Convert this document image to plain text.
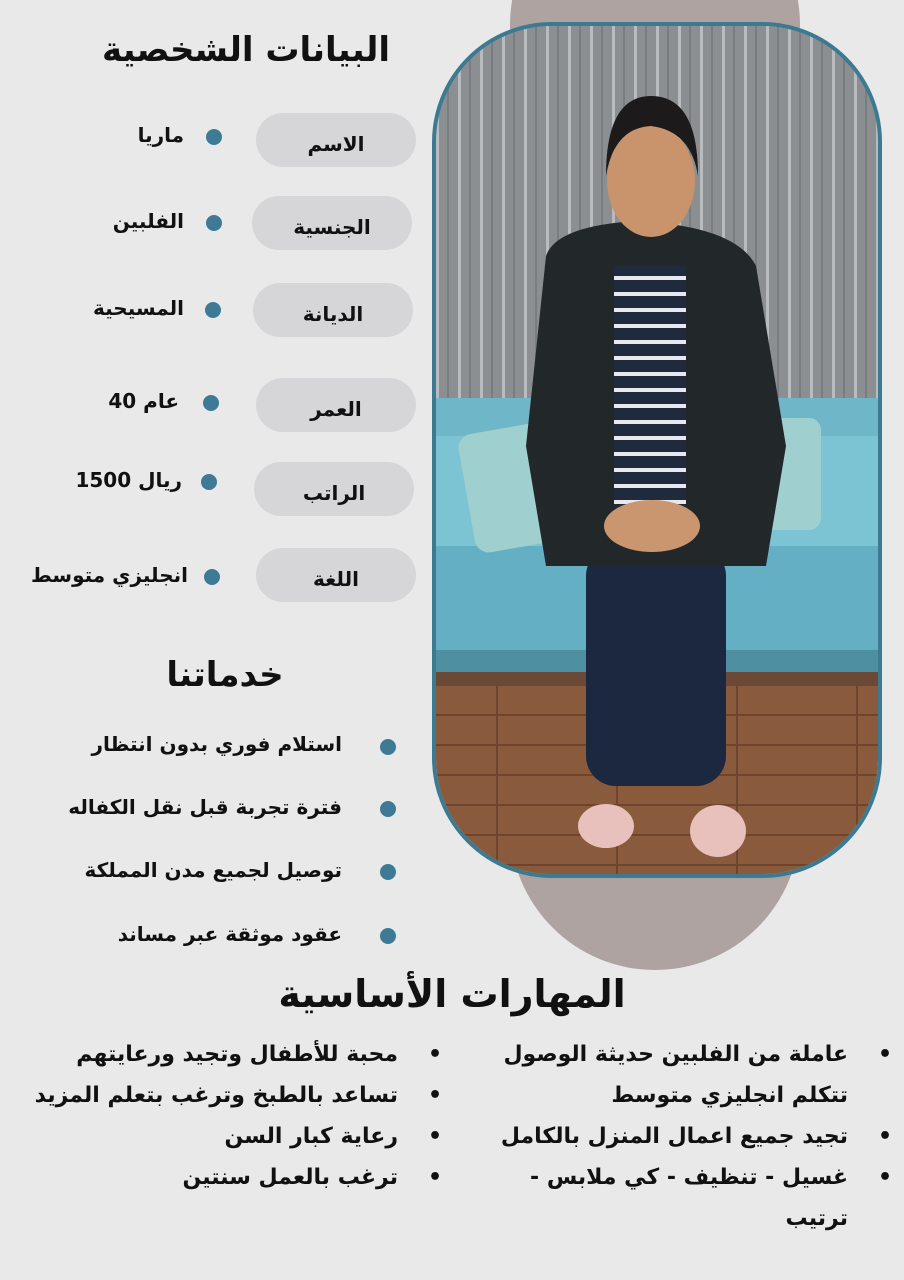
البيانات الشخصية
الاسم
ماريا
الجنسية
الفلبين
الديانة
المسيحية
العمر
40 عام
الراتب
1500 ريال
اللغة
انجليزي متوسط
خدماتنا
استلام فوري بدون انتظار
فترة تجربة قبل نقل الكفاله
توصيل لجميع مدن المملكة
عقود موثقة عبر مساند
المهارات الأساسية
•
عاملة من الفلبين حديثة الوصول تتكلم انجليزي متوسط
•
تجيد جميع اعمال المنزل بالكامل
•
غسيل - تنظيف - كي ملابس - ترتيب
•
محبة للأطفال وتجيد ورعايتهم
•
تساعد بالطبخ وترغب بتعلم المزيد
•
رعاية كبار السن
•
ترغب بالعمل سنتين
